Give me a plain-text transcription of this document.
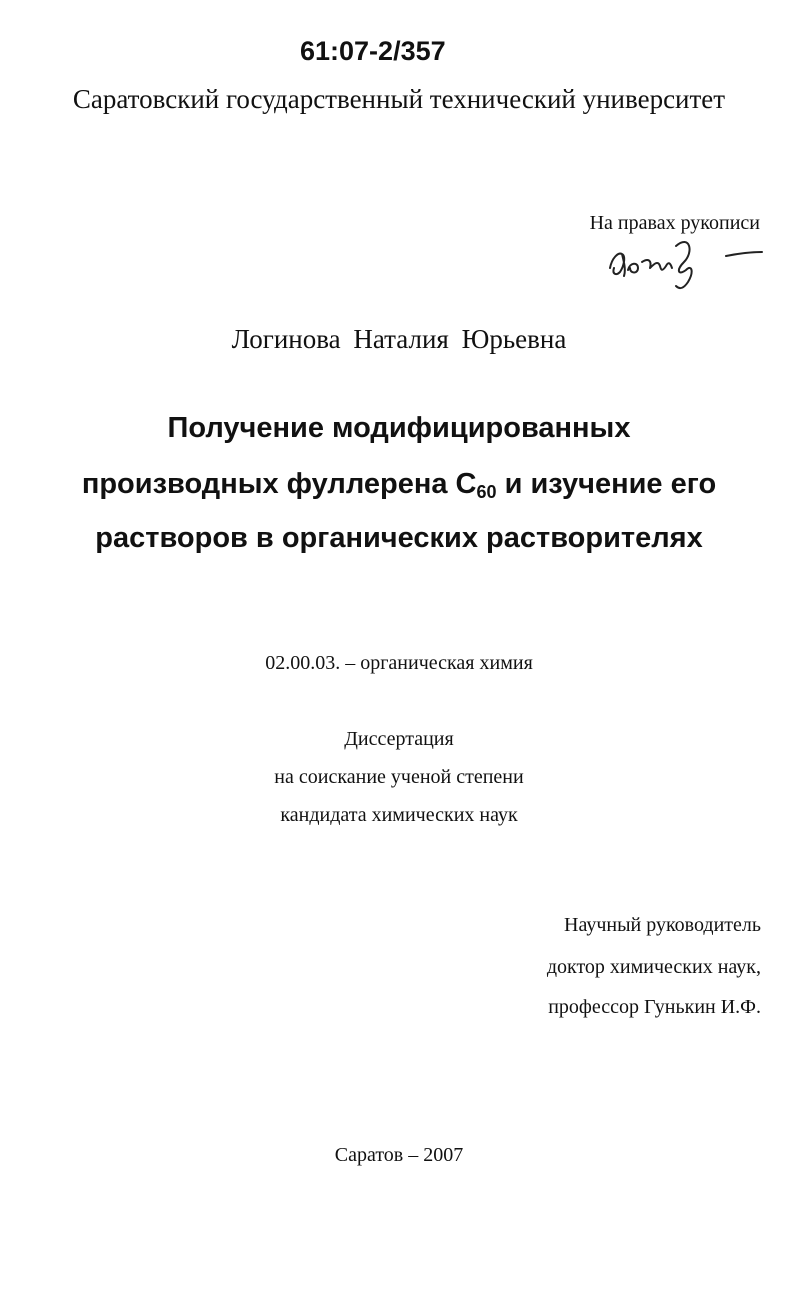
61:07-2/357
Саратовский государственный технический университет
На правах рукописи
Логинова Наталия Юрьевна
Получение модифицированных
производных фуллерена $С_{60}$ и изучение его
растворов в органических растворителях
02.00.03. – органическая химия
Диссертация
на соискание ученой степени
кандидата химических наук
Научный руководитель
доктор химических наук,
профессор Гунькин И.Ф.
Саратов – 2007
